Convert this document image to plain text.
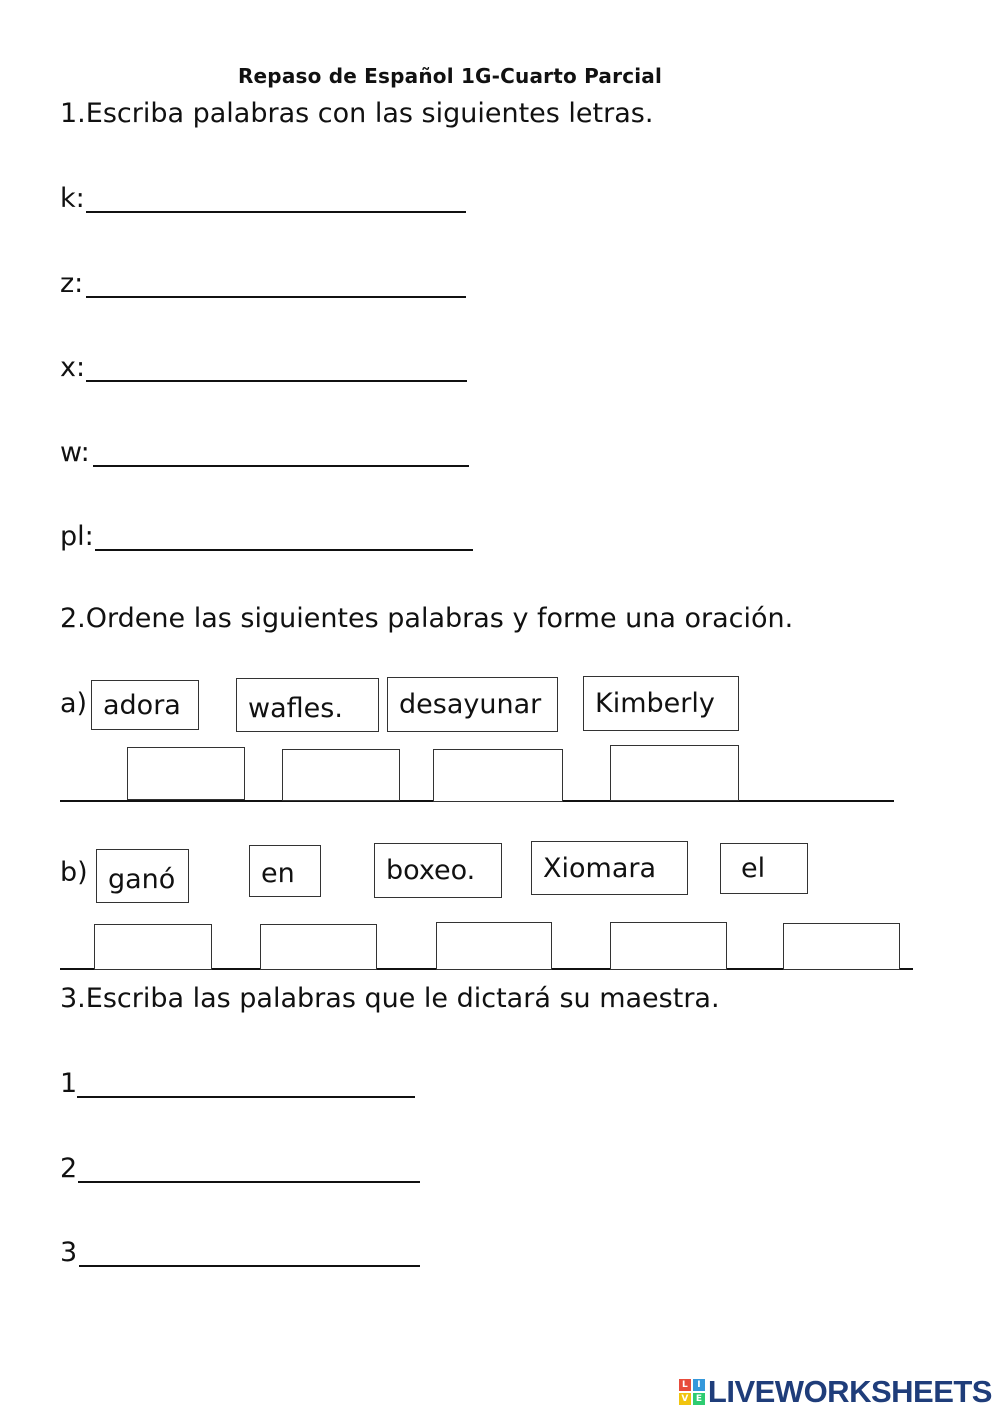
Repaso de Español 1G-Cuarto Parcial
1.Escriba palabras con las siguientes letras.
k:
z:
x:
w:
pl:
2.Ordene las siguientes palabras y forme una oración.
a) adora	wafles.	desayunar	Kimberly
b) ganó	en	boxeo.	Xiomara	el
3.Escriba las palabras que le dictará su maestra.
1
2
3
L	I
V E LIVEWORKSHEETS
